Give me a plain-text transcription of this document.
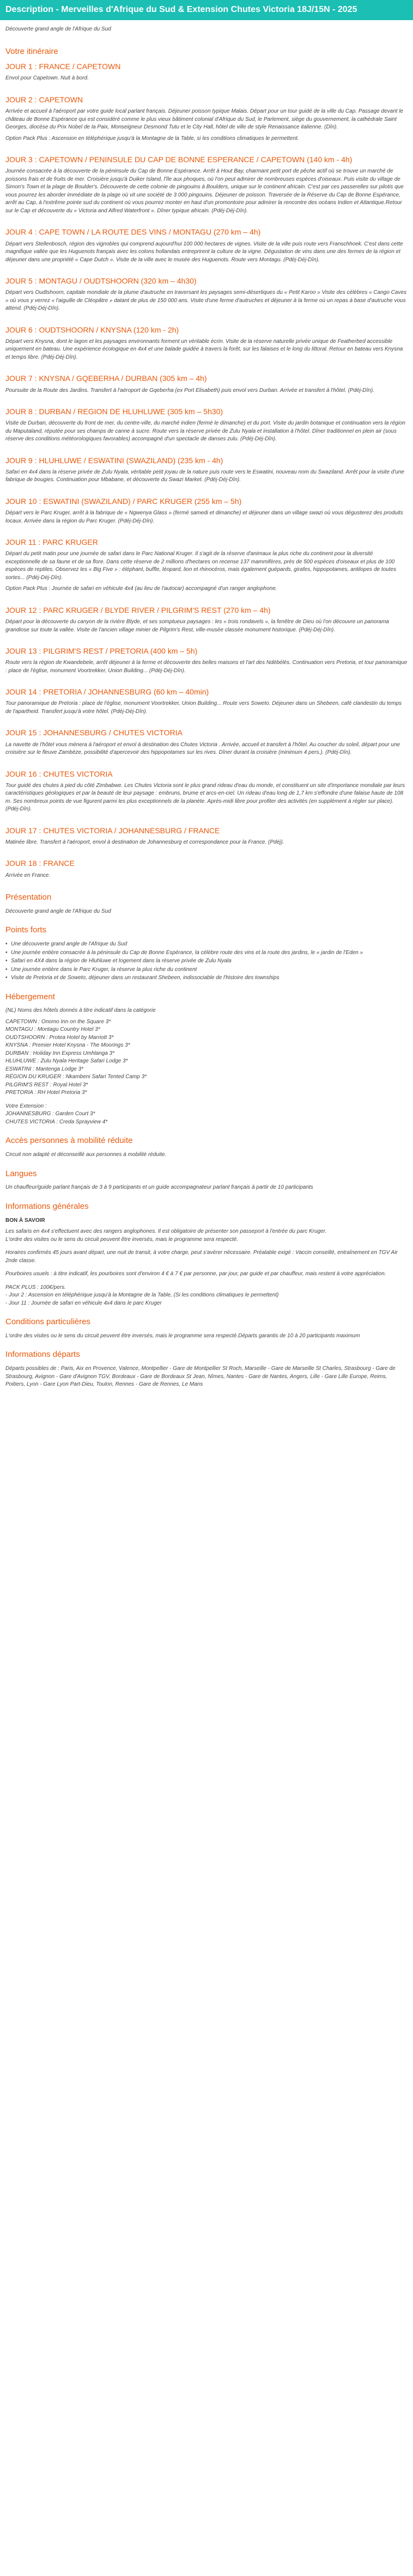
Description - Merveilles d'Afrique du Sud & Extension Chutes Victoria 18J/15N - 2025

Découverte grand angle de l'Afrique du Sud

Votre itinéraire
JOUR 1 : FRANCE / CAPETOWN

Envol pour Capetown. Nuit à bord.

JOUR 2 : CAPETOWN

Arrivée et accueil à l'aéroport par votre guide local parlant français. Déjeuner poisson typique Malais. Départ pour un tour guidé de la ville du Cap. Passage devant le château de Bonne Espérance qui est considéré comme le plus vieux bâtiment colonial d'Afrique du Sud, le Parlement, siège du gouvernement, la cathédrale Saint Georges, diocèse du Prix Nobel de la Paix, Monseigneur Desmond Tutu et le City Hall, hôtel de ville de style Renaissance italienne. (Dîn).

Option Pack Plus : Ascension en téléphérique jusqu'à la Montagne de la Table, si les conditions climatiques le permettent.

JOUR 3 : CAPETOWN / PENINSULE DU CAP DE BONNE ESPERANCE / CAPETOWN (140 km - 4h)

Journée consacrée à la découverte de la péninsule du Cap de Bonne Espérance. Arrêt à Hout Bay, charmant petit port de pêche actif où se trouve un marché de poissons frais et de fruits de mer. Croisière jusqu'à Duiker Island, l'île aux phoques, où l'on peut admirer de nombreuses espèces d'oiseaux. Puis visite du village de Simon's Town et la plage de Boulder's. Découverte de cette colonie de pingouins à Boulders, unique sur le continent africain. C'est par ces passerelles sur pilotis que vous pourrez les aborder immédiate de la plage où vit une société de 3 000 pingouins. Déjeuner de poisson. Traversée de la Réserve du Cap de Bonne Espérance, arrêt au Cap, à l'extrême pointe sud du continent où vous pourrez monter en haut d'un promontoire pour admirer la rencontre des océans Indien et Atlantique.Retour sur le Cap et découverte du « Victoria and Alfred Waterfront ». Dîner typique africain. (Pdéj-Déj-Dîn).

JOUR 4 : CAPE TOWN / LA ROUTE DES VINS / MONTAGU (270 km – 4h)

Départ vers Stellenbosch, région des vignobles qui comprend aujourd'hui 100 000 hectares de vignes. Visite de la ville puis route vers Franschhoek. C'est dans cette magnifique vallée que les Huguenots français avec les colons hollandais entreprirent la culture de la vigne. Dégustation de vins dans une des fermes de la région et déjeuner dans une propriété « Cape Dutch ». Visite de la ville avec le musée des Huguenots. Route vers Montagu. (Pdéj-Déj-Dîn).

JOUR 5 : MONTAGU / OUDTSHOORN (320 km – 4h30)

Départ vers Oudtshoorn, capitale mondiale de la plume d'autruche en traversant les paysages semi-désertiques du « Petit Karoo » Visite des célèbres « Cango Caves » où vous y verrez « l'aiguille de Cléopâtre » datant de plus de 150 000 ans. Visite d'une ferme d'autruches et déjeuner à la ferme où un repas à base d'autruche vous attend. (Pdéj-Déj-Dîn).

JOUR 6 : OUDTSHOORN / KNYSNA (120 km - 2h)

Départ vers Knysna, dont le lagon et les paysages environnants forment un véritable écrin. Visite de la réserve naturelle privée unique de Featherbed accessible uniquement en bateau. Une expérience écologique en 4x4 et une balade guidée à travers la forêt, sur les falaises et le long du littoral. Retour en bateau vers Knysna et temps libre. (Pdéj-Déj-Dîn).

JOUR 7 : KNYSNA / GQEBERHA / DURBAN (305 km – 4h)

Poursuite de la Route des Jardins. Transfert à l'aéroport de Gqeberha (ex Port Elisabeth) puis envol vers Durban. Arrivée et transfert à l'hôtel. (Pdéj-Dîn).

JOUR 8 : DURBAN / REGION DE HLUHLUWE (305 km – 5h30)

Visite de Durban, découverte du front de mer, du centre-ville, du marché indien (fermé le dimanche) et du port. Visite du jardin botanique et continuation vers la région du Maputaland, réputée pour ses champs de canne à sucre. Route vers la réserve privée de Zulu Nyala et installation à l'hôtel. Dîner traditionnel en plein air (sous réserve des conditions météorologiques favorables) accompagné d'un spectacle de danses zulu. (Pdéj-Déj-Dîn).

JOUR 9 : HLUHLUWE / ESWATINI (SWAZILAND) (235 km - 4h)

Safari en 4x4 dans la réserve privée de Zulu Nyala, véritable petit joyau de la nature puis route vers le Eswatini, nouveau nom du Swaziland. Arrêt pour la visite d'une fabrique de bougies. Continuation pour Mbabane, et découverte du Swazi Market. (Pdéj-Déj-Dîn).

JOUR 10 : ESWATINI (SWAZILAND) / PARC KRUGER (255 km – 5h)

Départ vers le Parc Kruger, arrêt à la fabrique de « Ngwenya Glass » (fermé samedi et dimanche) et déjeuner dans un village swazi où vous dégusterez des produits locaux. Arrivée dans la région du Parc Kruger. (Pdéj-Déj-Dîn).

JOUR 11 : PARC KRUGER

Départ du petit matin pour une journée de safari dans le Parc National Kruger. Il s'agit de la réserve d'animaux la plus riche du continent pour la diversité exceptionnelle de sa faune et de sa flore. Dans cette réserve de 2 millions d'hectares on recense 137 mammifères, près de 500 espèces d'oiseaux et plus de 100 espèces de reptiles. Observez les « Big Five » : éléphant, buffle, léopard, lion et rhinocéros, mais également guépards, girafes, hippopotames, antilopes de toutes sortes... (Pdéj-Déj-Dîn).

Option Pack Plus : Journée de safari en véhicule 4x4 (au lieu de l'autocar) accompagné d'un ranger anglophone.

JOUR 12 : PARC KRUGER / BLYDE RIVER / PILGRIM'S REST (270 km – 4h)

Départ pour la découverte du canyon de la rivière Blyde, et ses somptueux paysages : les « trois rondavels », la fenêtre de Dieu où l'on découvre un panorama grandiose sur toute la vallée. Visite de l'ancien village minier de Pilgrim's Rest, ville-musée classée monument historique. (Pdéj-Déj-Dîn).

JOUR 13 : PILGRIM'S REST / PRETORIA (400 km – 5h)

Route vers la région de Kwandebele, arrêt déjeuner à la ferme et découverte des belles maisons et l'art des Ndébélés. Continuation vers Pretoria, et tour panoramique : place de l'église, monument Voortrekker, Union Building... (Pdéj-Déj-Dîn).

JOUR 14 : PRETORIA / JOHANNESBURG (60 km – 40min)

Tour panoramique de Pretoria : place de l'église, monument Voortrekker, Union Building... Route vers Soweto. Déjeuner dans un Shebeen, café clandestin du temps de l'apartheid. Transfert jusqu'à votre hôtel. (Pdéj-Déj-Dîn).

JOUR 15 : JOHANNESBURG / CHUTES VICTORIA

La navette de l'hôtel vous ménera à l'aéroport et envol à destination des Chutes Victoria . Arrivée, accueil et transfert à l'hôtel. Au coucher du soleil, départ pour une croisière sur le fleuve Zambèze, possibilité d'apercevoir des hippopotames sur les rives. Dîner durant la croisière (minimum 4 pers.). (Pdéj-Dîn).

JOUR 16 : CHUTES VICTORIA

Tour guidé des chutes à pied du côté Zimbabwe. Les Chutes Victoria sont le plus grand rideau d'eau du monde, et constituent un site d'importance mondiale par leurs caractéristiques géologiques et par la beauté de leur paysage : embruns, brume et arcs-en-ciel. Un rideau d'eau long de 1,7 km s'effondre d'une falaise haute de 108 m. Ses nombreux points de vue figurent parmi les plus exceptionnels de la planète. Après-midi libre pour profiter des activités (en supplément à régler sur place). (Pdéj-Dîn).

JOUR 17 : CHUTES VICTORIA / JOHANNESBURG / FRANCE

Matinée libre. Transfert à l'aéroport, envol à destination de Johannesburg et correspondance pour la France. (Pdéj).

JOUR 18 : FRANCE

Arrivée en France.

Présentation

Découverte grand angle de l'Afrique du Sud

Points forts
• Une découverte grand angle de l'Afrique du Sud
• Une journée entière consacrée à la péninsule du Cap de Bonne Espérance, la célèbre route des vins et la route des jardins, le « jardin de l'Eden »
• Safari en 4X4 dans la région de Hluhluwe et logement dans la réserve privée de Zulu Nyala
• Une journée entière dans le Parc Kruger, la réserve la plus riche du continent
• Visite de Pretoria et de Soweto, déjeuner dans un restaurant Shebeen, indissociable de l'histoire des townships
Hébergement

(NL) Noms des hôtels donnés à titre indicatif dans la catégorie

CAPETOWN : Onomo Inn on the Square 3*
MONTAGU : Montagu Country Hotel 3*
OUDTSHOORN : Protea Hotel by Marriott 3*
KNYSNA : Premier Hotel Knysna - The Moorings 3*
DURBAN : Holiday Inn Express Umhlanga 3*
HLUHLUWE : Zulu Nyala Heritage Safari Lodge 3*
ESWATINI : Mantenga Lodge 3*
RÉGION DU KRUGER : Nkambeni Safari Tented Camp 3*
PILGRIM'S REST : Royal Hotel 3*
PRETORIA : RH Hotel Pretoria 3*
Votre Extension :
JOHANNESBURG : Garden Court 3*
CHUTES VICTORIA : Creda Sprayview 4*
Accès personnes à mobilité réduite

Circuit non adapté et déconseillé aux personnes à mobilité réduite.

Langues

Un chauffeur/guide parlant français de 3 à 9 participants et un guide accompagnateur parlant français à partir de 10 participants

Informations générales
BON À SAVOIR
Les safaris en 4x4 s'effectuent avec des rangers anglophones. Il est obligatoire de présenter son passeport à l'entrée du parc Kruger.
L'ordre des visites ou le sens du circuit peuvent être inversés, mais le programme sera respecté.
Horaires confirmés 45 jours avant départ, une nuit de transit, à votre charge, peut s'avérer nécessaire. Préalable exigé : Vaccin conseillé, entraînement en TGV Air 2nde classe.
Pourboires usuels : à titre indicatif, les pourboires sont d'environ 4 € à 7 € par personne, par jour, par guide et par chauffeur, mais restent à votre appréciation.
PACK PLUS : 100€/pers.
- Jour 2 : Ascension en téléphérique jusqu'à la Montagne de la Table, (Si les conditions climatiques le permettent)
- Jour 11 : Journée de safari en véhicule 4x4 dans le parc Kruger
Conditions particulières

L'ordre des visites ou le sens du circuit peuvent être inversés, mais le programme sera respecté.Départs garantis de 10 à 20 participants maximum

Informations départs

Départs possibles de : Paris, Aix en Provence, Valence, Montpellier - Gare de Montpellier St Roch, Marseille - Gare de Marseille St Charles, Strasbourg - Gare de Strasbourg, Avignon - Gare d'Avignon TGV, Bordeaux - Gare de Bordeaux St Jean, Nîmes, Nantes - Gare de Nantes, Angers, Lille - Gare Lille Europe, Reims, Poitiers, Lyon - Gare Lyon Part-Dieu, Toulon, Rennes - Gare de Rennes, Le Mans
